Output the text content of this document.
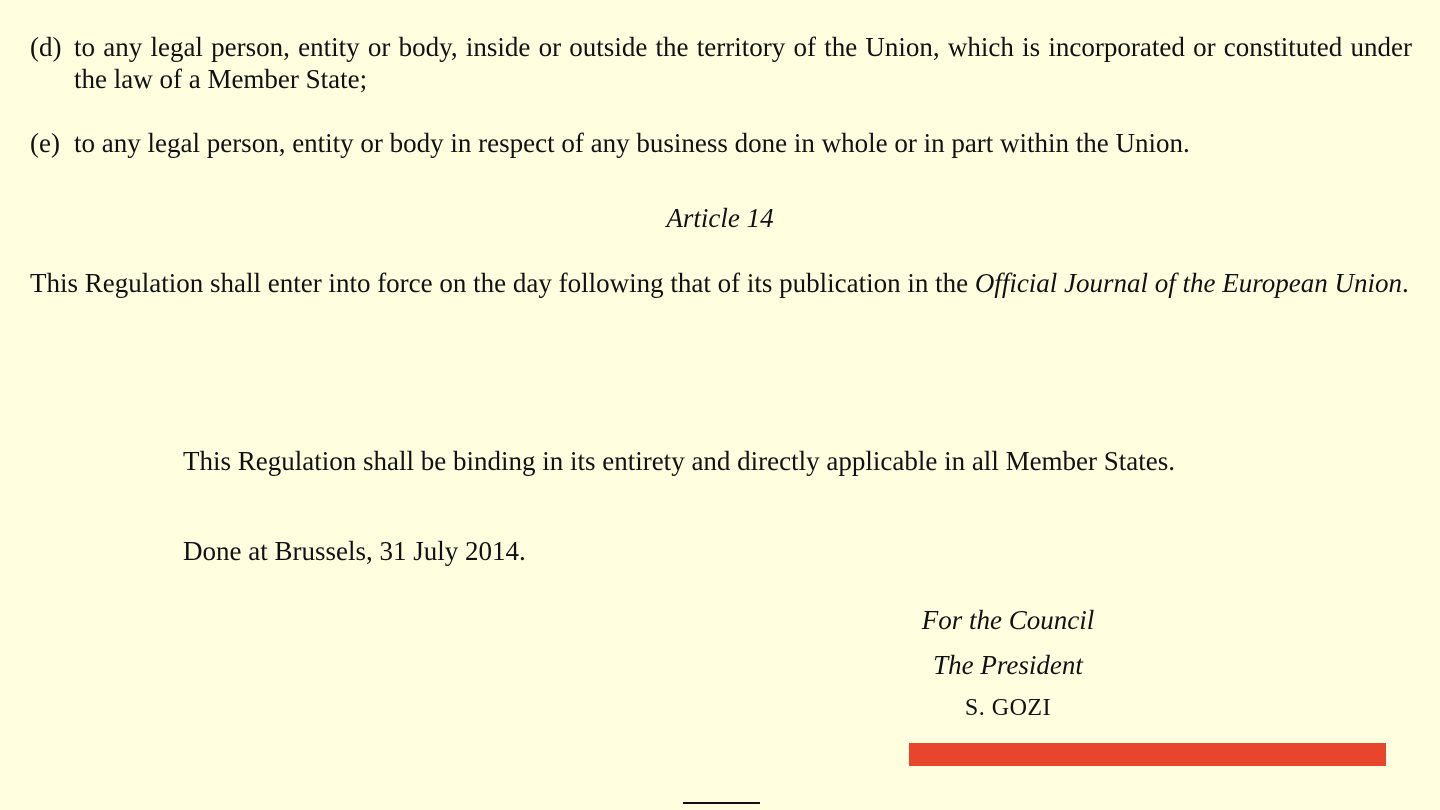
(d) to any legal person, entity or body, inside or outside the territory of the Union, which is incorporated or constituted under the law of a Member State;
(e) to any legal person, entity or body in respect of any business done in whole or in part within the Union.
Article 14
This Regulation shall enter into force on the day following that of its publication in the Official Journal of the European Union.
This Regulation shall be binding in its entirety and directly applicable in all Member States.
Done at Brussels, 31 July 2014.
For the Council
The President
S. GOZI
